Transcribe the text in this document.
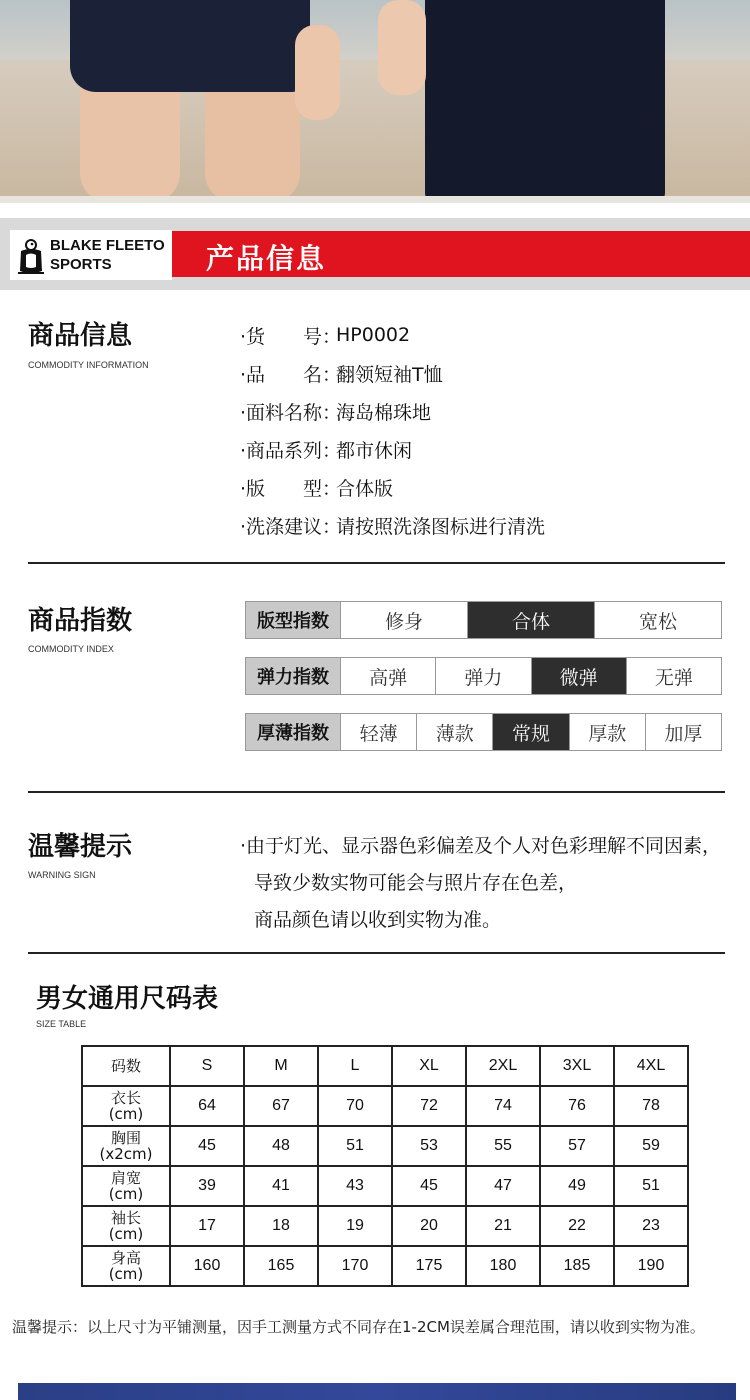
BLAKE FLEETO
SPORTS	产品信息
商品信息
COMMODITY INFORMATION
·货　　号：
HP0002
·品　　名：
翻领短袖T恤
·面料名称：
海岛棉珠地
·商品系列：
都市休闲
·版　　型：
合体版
·洗涤建议：
请按照洗涤图标进行清洗
商品指数
COMMODITY INDEX
版型指数	修身	合体	宽松
弹力指数	高弹	弹力	微弹	无弹
厚薄指数	轻薄	薄款	常规	厚款	加厚
温馨提示
WARNING SIGN
·由于灯光、显示器色彩偏差及个人对色彩理解不同因素，
导致少数实物可能会与照片存在色差，
商品颜色请以收到实物为准。
男女通用尺码表
SIZE TABLE
码数	S	M	L	XL	2XL	3XL	4XL

衣长
(cm)	64	67	70	72	74	76	78

胸围
(x2cm)	45	48	51	53	55	57	59

肩宽
(cm)	39	41	43	45	47	49	51

袖长
(cm)	17	18	19	20	21	22	23

身高
(cm)	160	165	170	175	180	185	190
温馨提示：以上尺寸为平铺测量，因手工测量方式不同存在1-2CM误差属合理范围，请以收到实物为准。
